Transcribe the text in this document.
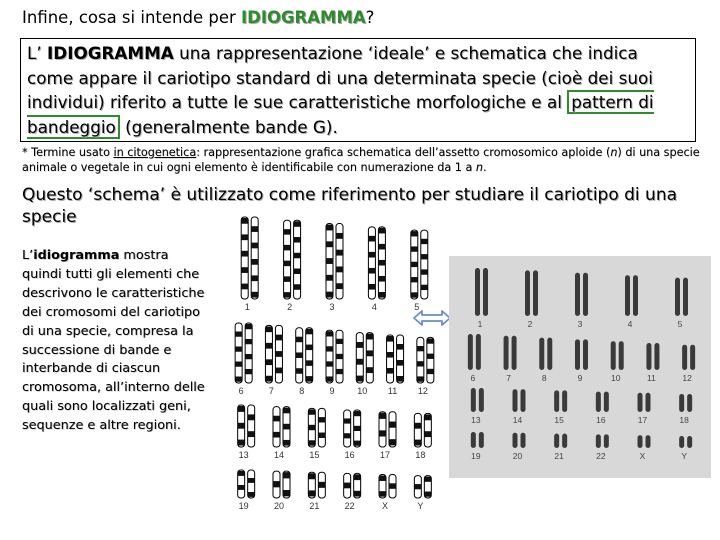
Infine, cosa si intende per IDIOGRAMMA?
L’ IDIOGRAMMA una rappresentazione ‘ideale’ e schematica che indica come appare il cariotipo standard di una determinata specie (cioè dei suoi individui) riferito a tutte le sue caratteristiche morfologiche e al pattern di bandeggio (generalmente bande G).
* Termine usato in citogenetica: rappresentazione grafica schematica dell’assetto cromosomico aploide (n) di una specie animale o vegetale in cui ogni elemento è identificabile con numerazione da 1 a n.
Questo ‘schema’ è utilizzato come riferimento per studiare il cariotipo di una specie
L’idiogramma mostra quindi tutti gli elementi che descrivono le caratteristiche dei cromosomi del cariotipo di una specie, compresa la successione di bande e interbande di ciascun cromosoma, all’interno delle quali sono localizzati geni, sequenze e altre regioni.
1	2	3	4	5
6	7	8	9	10 11 12
13	14	15	16	17	18
19	20	21	22	X	Y
1	2	3	4	5
6	7	8	9	10	11	12
13	14	15	16	17	18
19	20	21	22	X	Y
